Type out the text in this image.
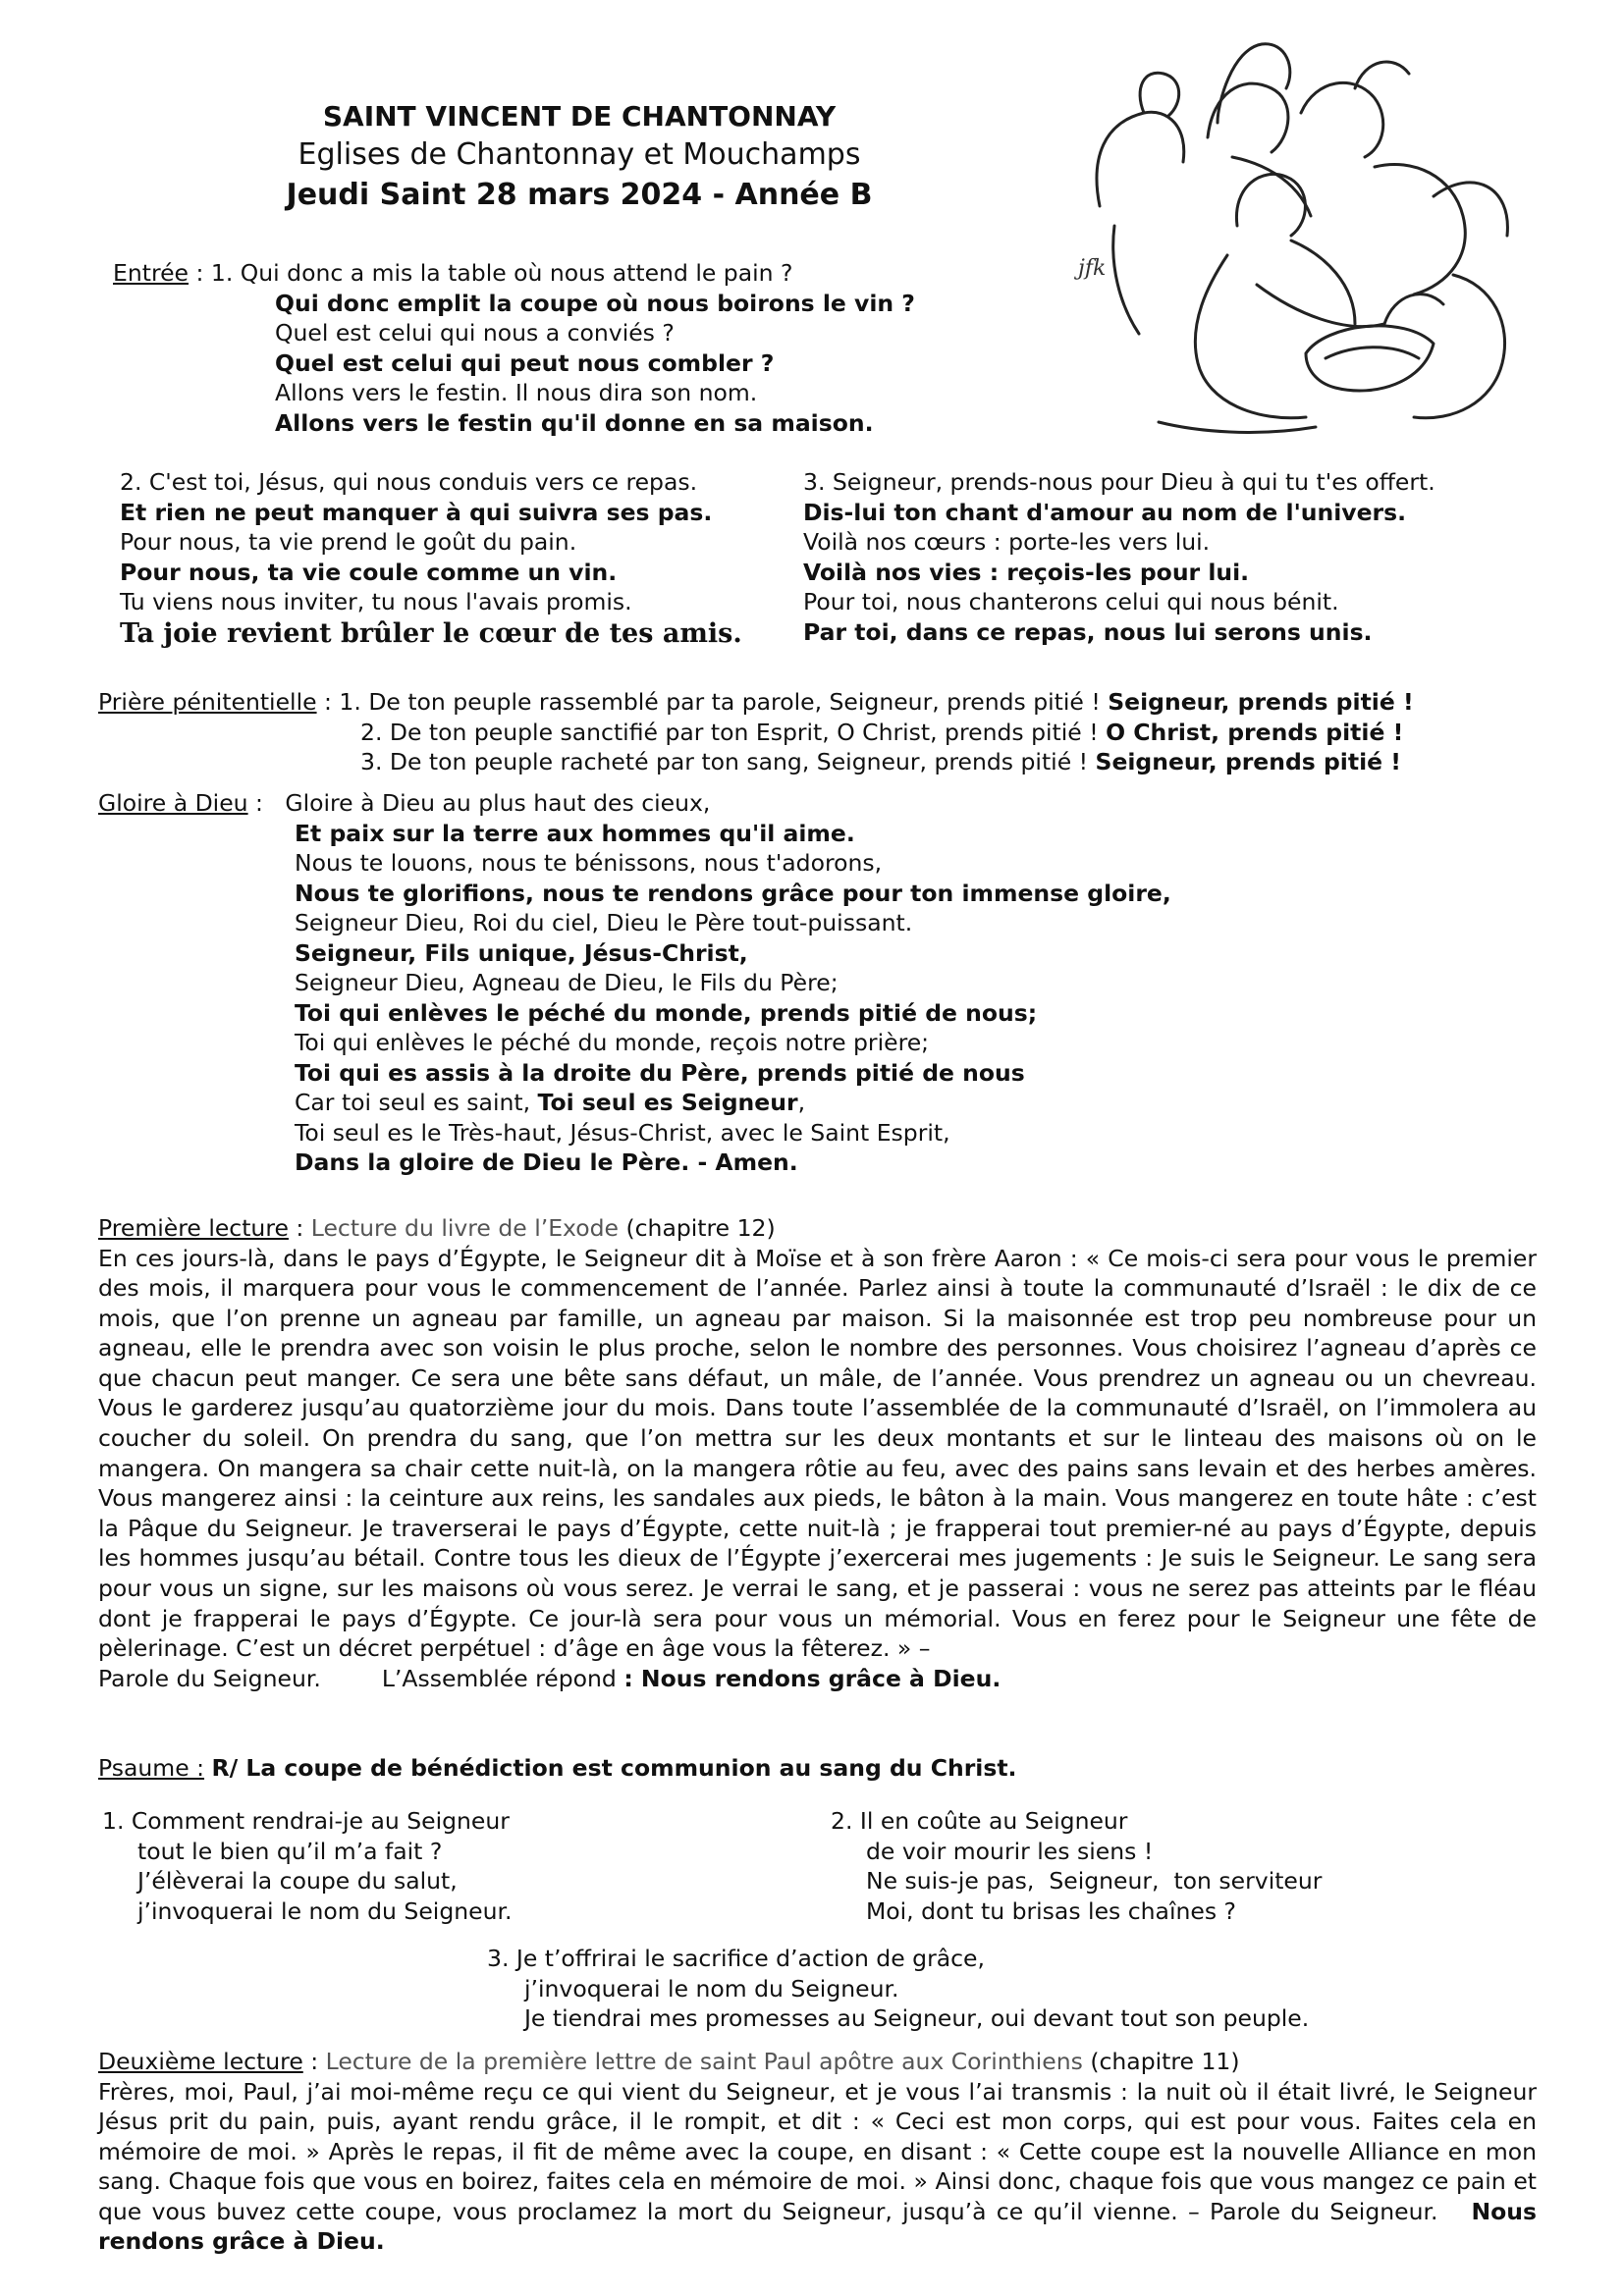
SAINT VINCENT DE CHANTONNAY
Eglises de Chantonnay et Mouchamps
Jeudi Saint 28 mars 2024 - Année B
jfk
Entrée : 1. Qui donc a mis la table où nous attend le pain ?
Qui donc emplit la coupe où nous boirons le vin ?
Quel est celui qui nous a conviés ?
Quel est celui qui peut nous combler ?
Allons vers le festin. Il nous dira son nom.
Allons vers le festin qu'il donne en sa maison.
2. C'est toi, Jésus, qui nous conduis vers ce repas.
Et rien ne peut manquer à qui suivra ses pas.
Pour nous, ta vie prend le goût du pain.
Pour nous, ta vie coule comme un vin.
Tu viens nous inviter, tu nous l'avais promis.
Ta joie revient brûler le cœur de tes amis.
3. Seigneur, prends-nous pour Dieu à qui tu t'es offert.
Dis-lui ton chant d'amour au nom de l'univers.
Voilà nos cœurs : porte-les vers lui.
Voilà nos vies : reçois-les pour lui.
Pour toi, nous chanterons celui qui nous bénit.
Par toi, dans ce repas, nous lui serons unis.
Prière pénitentielle : 1. De ton peuple rassemblé par ta parole, Seigneur, prends pitié ! Seigneur, prends pitié !
2. De ton peuple sanctifié par ton Esprit, O Christ, prends pitié ! O Christ, prends pitié !
3. De ton peuple racheté par ton sang, Seigneur, prends pitié ! Seigneur, prends pitié !
Gloire à Dieu :   Gloire à Dieu au plus haut des cieux,
Et paix sur la terre aux hommes qu'il aime.
Nous te louons, nous te bénissons, nous t'adorons,
Nous te glorifions, nous te rendons grâce pour ton immense gloire,
Seigneur Dieu, Roi du ciel, Dieu le Père tout-puissant.
Seigneur, Fils unique, Jésus-Christ,
Seigneur Dieu, Agneau de Dieu, le Fils du Père;
Toi qui enlèves le péché du monde, prends pitié de nous;
Toi qui enlèves le péché du monde, reçois notre prière;
Toi qui es assis à la droite du Père, prends pitié de nous
Car toi seul es saint, Toi seul es Seigneur,
Toi seul es le Très-haut, Jésus-Christ, avec le Saint Esprit,
Dans la gloire de Dieu le Père. - Amen.
Première lecture : Lecture du livre de l’Exode (chapitre 12)

En ces jours-là, dans le pays d’Égypte, le Seigneur dit à Moïse et à son frère Aaron : « Ce mois-ci sera pour vous le premier des mois, il marquera pour vous le commencement de l’année. Parlez ainsi à toute la communauté d’Israël : le dix de ce mois, que l’on prenne un agneau par famille, un agneau par maison. Si la maisonnée est trop peu nombreuse pour un agneau, elle le prendra avec son voisin le plus proche, selon le nombre des personnes. Vous choisirez l’agneau d’après ce que chacun peut manger. Ce sera une bête sans défaut, un mâle, de l’année. Vous prendrez un agneau ou un chevreau. Vous le garderez jusqu’au quatorzième jour du mois. Dans toute l’assemblée de la communauté d’Israël, on l’immolera au coucher du soleil. On prendra du sang, que l’on mettra sur les deux montants et sur le linteau des maisons où on le mangera. On mangera sa chair cette nuit-là, on la mangera rôtie au feu, avec des pains sans levain et des herbes amères. Vous mangerez ainsi : la ceinture aux reins, les sandales aux pieds, le bâton à la main. Vous mangerez en toute hâte : c’est la Pâque du Seigneur. Je traverserai le pays d’Égypte, cette nuit-là ; je frapperai tout premier-né au pays d’Égypte, depuis les hommes jusqu’au bétail. Contre tous les dieux de l’Égypte j’exercerai mes jugements : Je suis le Seigneur. Le sang sera pour vous un signe, sur les maisons où vous serez. Je verrai le sang, et je passerai : vous ne serez pas atteints par le fléau dont je frapperai le pays d’Égypte. Ce jour-là sera pour vous un mémorial. Vous en ferez pour le Seigneur une fête de pèlerinage. C’est un décret perpétuel : d’âge en âge vous la fêterez. » –

Parole du Seigneur.	L’Assemblée répond : Nous rendons grâce à Dieu.
Psaume : R/ La coupe de bénédiction est communion au sang du Christ.
1. Comment rendrai-je au Seigneur
tout le bien qu’il m’a fait ?
J’élèverai la coupe du salut,
j’invoquerai le nom du Seigneur.
2. Il en coûte au Seigneur
de voir mourir les siens !
Ne suis-je pas,  Seigneur,  ton serviteur
Moi, dont tu brisas les chaînes ?
3. Je t’offrirai le sacrifice d’action de grâce,
j’invoquerai le nom du Seigneur.
Je tiendrai mes promesses au Seigneur, oui devant tout son peuple.
Deuxième lecture : Lecture de la première lettre de saint Paul apôtre aux Corinthiens (chapitre 11)

Frères, moi, Paul, j’ai moi-même reçu ce qui vient du Seigneur, et je vous l’ai transmis : la nuit où il était livré, le Seigneur Jésus prit du pain, puis, ayant rendu grâce, il le rompit, et dit : « Ceci est mon corps, qui est pour vous. Faites cela en mémoire de moi. » Après le repas, il fit de même avec la coupe, en disant : « Cette coupe est la nouvelle Alliance en mon sang. Chaque fois que vous en boirez, faites cela en mémoire de moi. » Ainsi donc, chaque fois que vous mangez ce pain et que vous buvez cette coupe, vous proclamez la mort du Seigneur, jusqu’à ce qu’il vienne. – Parole du Seigneur. Nous rendons grâce à Dieu.
